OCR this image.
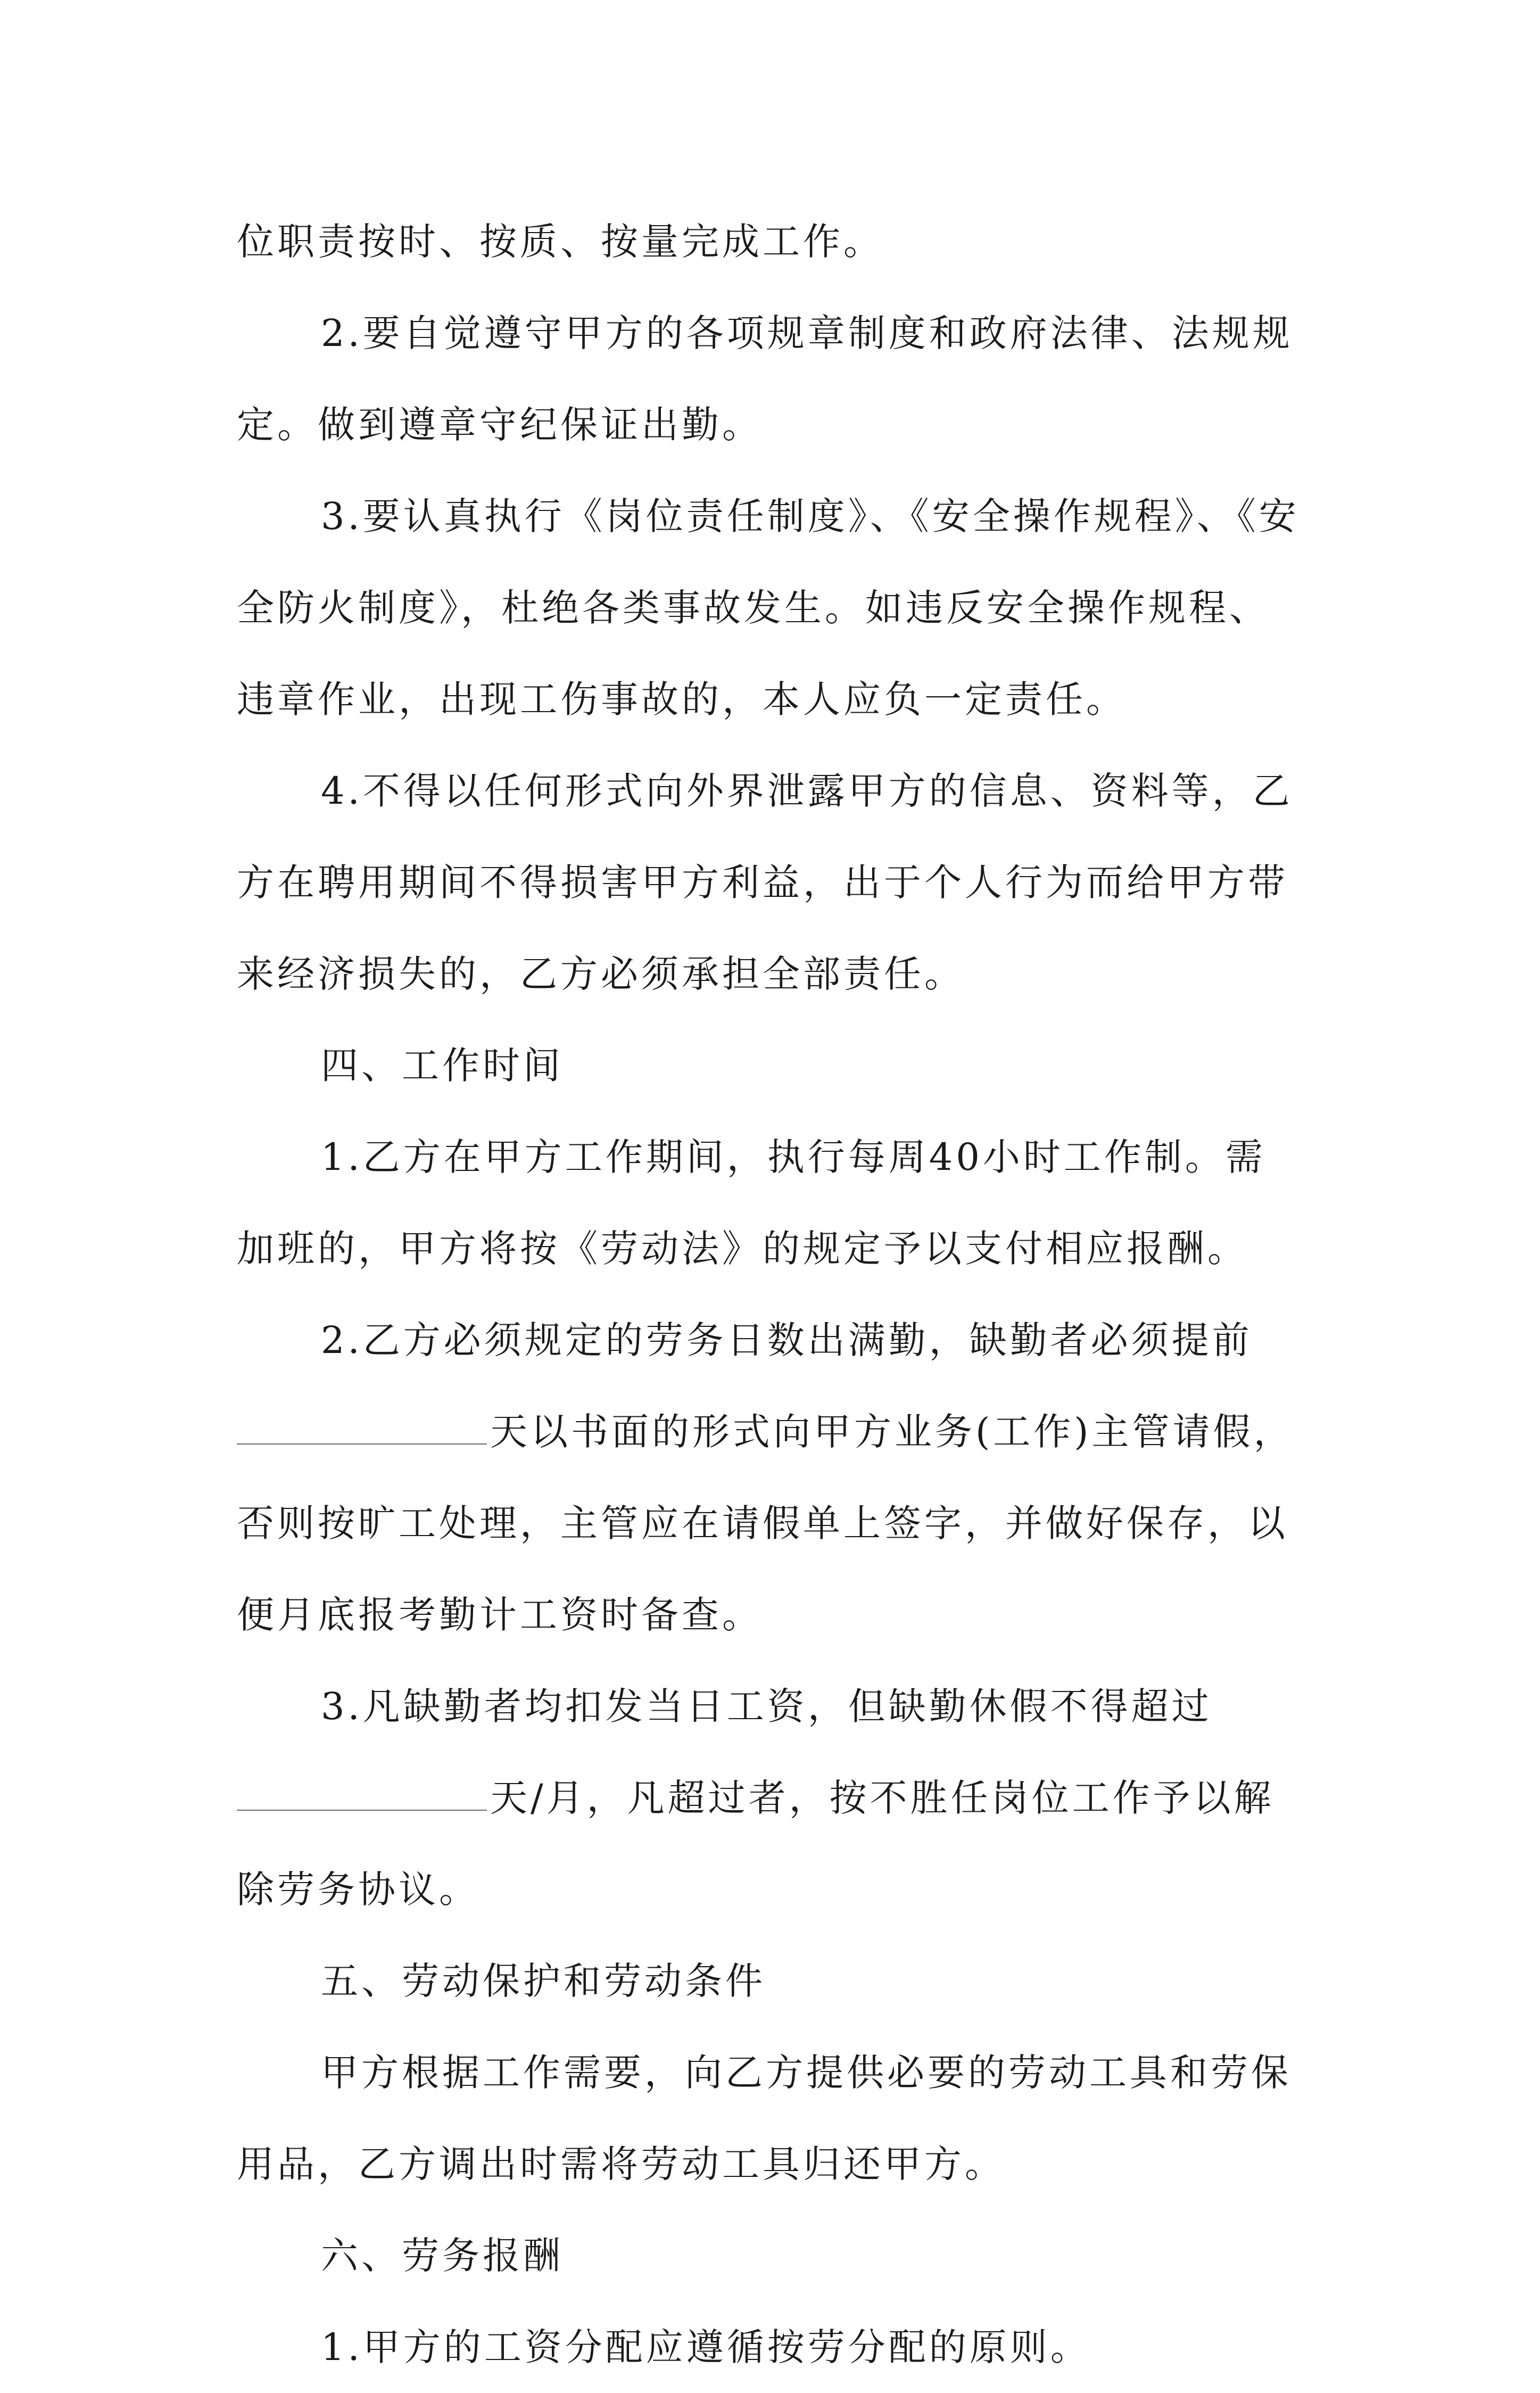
位职责按时、按质、按量完成工作。
2.要自觉遵守甲方的各项规章制度和政府法律、法规规
定。做到遵章守纪保证出勤。
3.要认真执行《岗位责任制度》、《安全操作规程》、《安
全防火制度》，杜绝各类事故发生。如违反安全操作规程、
违章作业，出现工伤事故的，本人应负一定责任。
4.不得以任何形式向外界泄露甲方的信息、资料等，乙
方在聘用期间不得损害甲方利益，出于个人行为而给甲方带
来经济损失的，乙方必须承担全部责任。
四、工作时间
1.乙方在甲方工作期间，执行每周40小时工作制。需
加班的，甲方将按《劳动法》的规定予以支付相应报酬。
2.乙方必须规定的劳务日数出满勤，缺勤者必须提前
天以书面的形式向甲方业务(工作)主管请假，
否则按旷工处理，主管应在请假单上签字，并做好保存，以
便月底报考勤计工资时备查。
3.凡缺勤者均扣发当日工资，但缺勤休假不得超过
天/月，凡超过者，按不胜任岗位工作予以解
除劳务协议。
五、劳动保护和劳动条件
甲方根据工作需要，向乙方提供必要的劳动工具和劳保
用品，乙方调出时需将劳动工具归还甲方。
六、劳务报酬
1.甲方的工资分配应遵循按劳分配的原则。
